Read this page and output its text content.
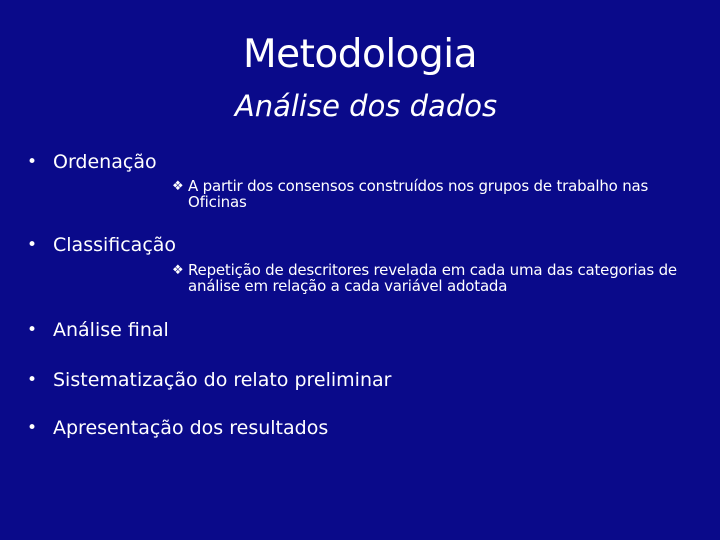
Metodologia
Análise dos dados
• Ordenação
❖ A partir dos consensos construídos nos grupos de trabalho nas Oficinas
• Classificação
❖ Repetição de descritores revelada em cada uma das categorias de análise em relação a cada variável adotada
• Análise final
• Sistematização do relato preliminar
• Apresentação dos resultados
